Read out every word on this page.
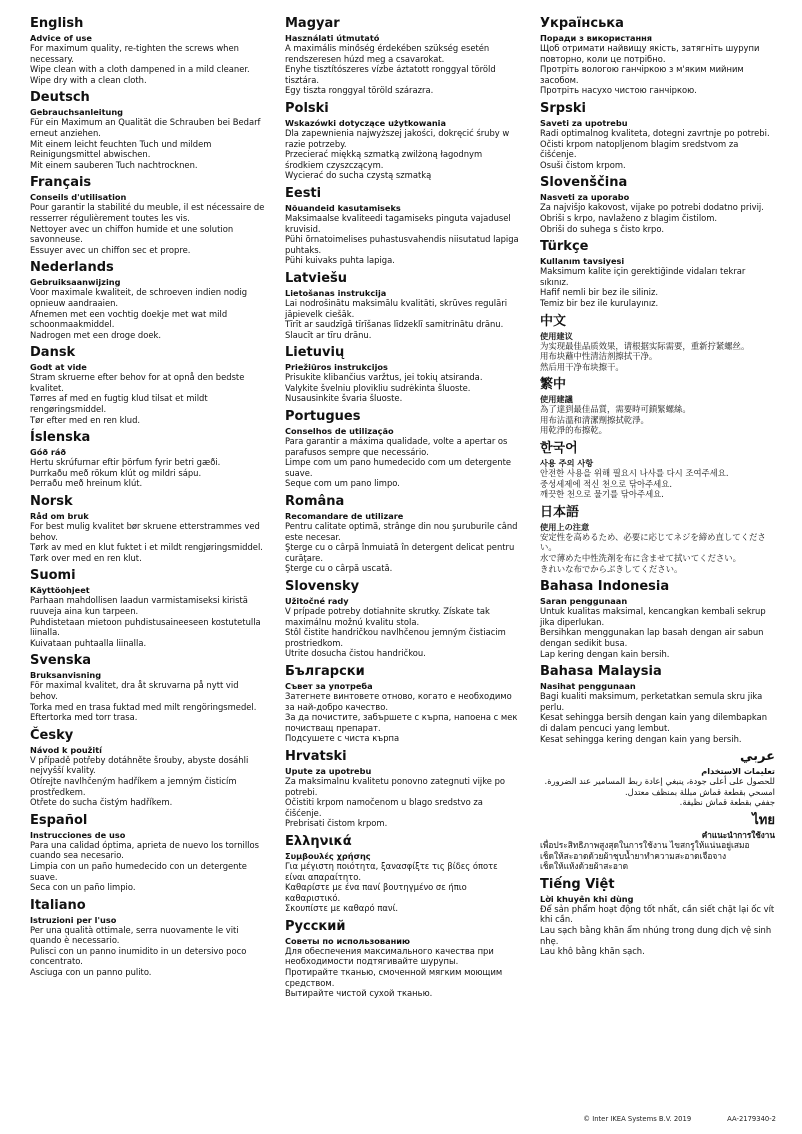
English
Advice of use

For maximum quality, re-tighten the screws when necessary.

Wipe clean with a cloth dampened in a mild cleaner.

Wipe dry with a clean cloth.

Deutsch
Gebrauchsanleitung

Für ein Maximum an Qualität die Schrauben bei Bedarf erneut anziehen.

Mit einem leicht feuchten Tuch und mildem Reinigungsmittel abwischen.

Mit einem sauberen Tuch nachtrocknen.

Français
Conseils d'utilisation

Pour garantir la stabilité du meuble, il est nécessaire de resserrer régulièrement toutes les vis.

Nettoyer avec un chiffon humide et une solution savonneuse.

Essuyer avec un chiffon sec et propre.

Nederlands
Gebruiksaanwijzing

Voor maximale kwaliteit, de schroeven indien nodig opnieuw aandraaien.

Afnemen met een vochtig doekje met wat mild schoonmaakmiddel.

Nadrogen met een droge doek.

Dansk
Godt at vide

Stram skruerne efter behov for at opnå den bedste kvalitet.

Tørres af med en fugtig klud tilsat et mildt rengøringsmiddel.

Tør efter med en ren klud.

Íslenska
Góð ráð

Hertu skrúfurnar eftir þörfum fyrir betri gæði.

Þurrkaðu með rökum klút og mildri sápu.

Þerraðu með hreinum klút.

Norsk
Råd om bruk

For best mulig kvalitet bør skruene etterstrammes ved behov.

Tørk av med en klut fuktet i et mildt rengjøringsmiddel.

Tørk over med en ren klut.

Suomi
Käyttöohjeet

Parhaan mahdollisen laadun varmistamiseksi kiristä ruuveja aina kun tarpeen.

Puhdistetaan mietoon puhdistusaineeseen kostutetulla liinalla.

Kuivataan puhtaalla liinalla.

Svenska
Bruksanvisning

För maximal kvalitet, dra åt skruvarna på nytt vid behov.

Torka med en trasa fuktad med milt rengöringsmedel.

Eftertorka med torr trasa.

Česky
Návod k použití

V případě potřeby dotáhněte šrouby, abyste dosáhli nejvyšší kvality.

Otírejte navlhčeným hadříkem a jemným čisticím prostředkem.

Otřete do sucha čistým hadříkem.

Español
Instrucciones de uso

Para una calidad óptima, aprieta de nuevo los tornillos cuando sea necesario.

Limpia con un paño humedecido con un detergente suave.

Seca con un paño limpio.

Italiano
Istruzioni per l'uso

Per una qualità ottimale, serra nuovamente le viti quando è necessario.

Pulisci con un panno inumidito in un detersivo poco concentrato.

Asciuga con un panno pulito.

Magyar
Használati útmutató

A maximális minőség érdekében szükség esetén rendszeresen húzd meg a csavarokat.

Enyhe tisztítószeres vízbe áztatott ronggyal töröld tisztára.

Egy tiszta ronggyal töröld szárazra.

Polski
Wskazówki dotyczące użytkowania

Dla zapewnienia najwyższej jakości, dokręcić śruby w razie potrzeby.

Przecierać miękką szmatką zwilżoną łagodnym środkiem czyszczącym.

Wycierać do sucha czystą szmatką

Eesti
Nõuandeid kasutamiseks

Maksimaalse kvaliteedi tagamiseks pinguta vajadusel kruvisid.

Pühi õrnatoimelises puhastusvahendis niisutatud lapiga puhtaks.

Pühi kuivaks puhta lapiga.

Latviešu
Lietošanas instrukcija

Lai nodrošinātu maksimālu kvalitāti, skrūves regulāri jāpievelk ciešāk.

Tīrīt ar saudzīgā tīrīšanas līdzeklī samitrinātu drānu.

Slaucīt ar tīru drānu.

Lietuvių
Priežiūros instrukcijos

Prisukite klibančius varžtus, jei tokių atsiranda.

Valykite švelniu plovikliu sudrėkinta šluoste.

Nusausinkite švaria šluoste.

Portugues
Conselhos de utilização

Para garantir a máxima qualidade, volte a apertar os parafusos sempre que necessário.

Limpe com um pano humedecido com um detergente suave.

Seque com um pano limpo.

Româna
Recomandare de utilizare

Pentru calitate optimă, strânge din nou şuruburile când este necesar.

Şterge cu o cârpă înmuiată în detergent delicat pentru curăţare.

Şterge cu o cârpă uscată.

Slovensky
Užitočné rady

V prípade potreby dotiahnite skrutky. Získate tak maximálnu možnú kvalitu stola.

Stôl čistite handričkou navlhčenou jemným čistiacim prostriedkom.

Utrite dosucha čistou handričkou.

Български
Съвет за употреба

Затегнете винтовете отново, когато е необходимо за най-добро качество.

За да почистите, забършете с кърпа, напоена с мек почистващ препарат.

Подсушете с чиста кърпа

Hrvatski
Upute za upotrebu

Za maksimalnu kvalitetu ponovno zategnuti vijke po potrebi.

Očistiti krpom namočenom u blago sredstvo za čišćenje.

Prebrisati čistom krpom.

Ελληνικά
Συμβουλές χρήσης

Για μέγιστη ποιότητα, ξανασφίξτε τις βίδες όποτε είναι απαραίτητο.

Καθαρίστε με ένα πανί βουτηγμένο σε ήπιο καθαριστικό.

Σκουπίστε με καθαρό πανί.

Русский
Советы по использованию

Для обеспечения максимального качества при необходимости подтягивайте шурупы.

Протирайте тканью, смоченной мягким моющим средством.

Вытирайте чистой сухой тканью.

Українська
Поради з використання

Щоб отримати найвищу якість, затягніть шурупи повторно, коли це потрібно.

Протріть вологою ганчіркою з м'яким мийним засобом.

Протріть насухо чистою ганчіркою.

Srpski
Saveti za upotrebu

Radi optimalnog kvaliteta, dotegni zavrtnje po potrebi.

Očisti krpom natopljenom blagim sredstvom za čišćenje.

Osuši čistom krpom.

Slovenščina
Nasveti za uporabo

Za najvišjo kakovost, vijake po potrebi dodatno privij.

Obriši s krpo, navlaženo z blagim čistilom.

Obriši do suhega s čisto krpo.

Türkçe
Kullanım tavsiyesi

Maksimum kalite için gerektiğinde vidaları tekrar sıkınız.

Hafif nemli bir bez ile siliniz.

Temiz bir bez ile kurulayınız.

中文
使用建议

为实现最佳品质效果，请根据实际需要，重新拧紧螺丝。

用布块蘸中性清洁剂擦拭干净。

然后用干净布块擦干。

繁中
使用建議

為了達到最佳品質，需要時可鎖緊螺絲。

用布沾溫和清潔劑擦拭乾淨。

用乾淨的布擦乾。

한국어
사용 주의 사항

안전한 사용을 위해 필요시 나사를 다시 조여주세요.

중성세제에 적신 천으로 닦아주세요.

깨끗한 천으로 물기를 닦아주세요.

日本語
使用上の注意

安定性を高めるため、必要に応じてネジを締め直してください。

水で薄めた中性洗剤を布に含ませて拭いてください。

きれいな布でからぶきしてください。

Bahasa Indonesia
Saran penggunaan

Untuk kualitas maksimal, kencangkan kembali sekrup jika diperlukan.

Bersihkan menggunakan lap basah dengan air sabun dengan sedikit busa.

Lap kering dengan kain bersih.

Bahasa Malaysia
Nasihat penggunaan

Bagi kualiti maksimum, perketatkan semula skru jika perlu.

Kesat sehingga bersih dengan kain yang dilembapkan di dalam pencuci yang lembut.

Kesat sehingga kering dengan kain yang bersih.

عربي
تعليمات الاستخدام

للحصول على أعلى جودة، ينبغي إعادة ربط المسامير عند الضرورة.

امسحي بقطعة قماش مبللة بمنظف معتدل.

جففي بقطعة قماش نظيفة.

ไทย
คำแนะนำการใช้งาน

เพื่อประสิทธิภาพสูงสุดในการใช้งาน ไขสกรูให้แน่นอยู่เสมอ

เช็ดให้สะอาดด้วยผ้าชุบน้ำยาทำความสะอาดเจือจาง

เช็ดให้แห้งด้วยผ้าสะอาด

Tiếng Việt
Lời khuyên khi dùng

Để sản phẩm hoạt động tốt nhất, cần siết chặt lại ốc vít khi cần.

Lau sạch bằng khăn ẩm nhúng trong dung dịch vệ sinh nhẹ.

Lau khô bằng khăn sạch.

© Inter IKEA Systems B.V. 2019	AA-2179340-2
